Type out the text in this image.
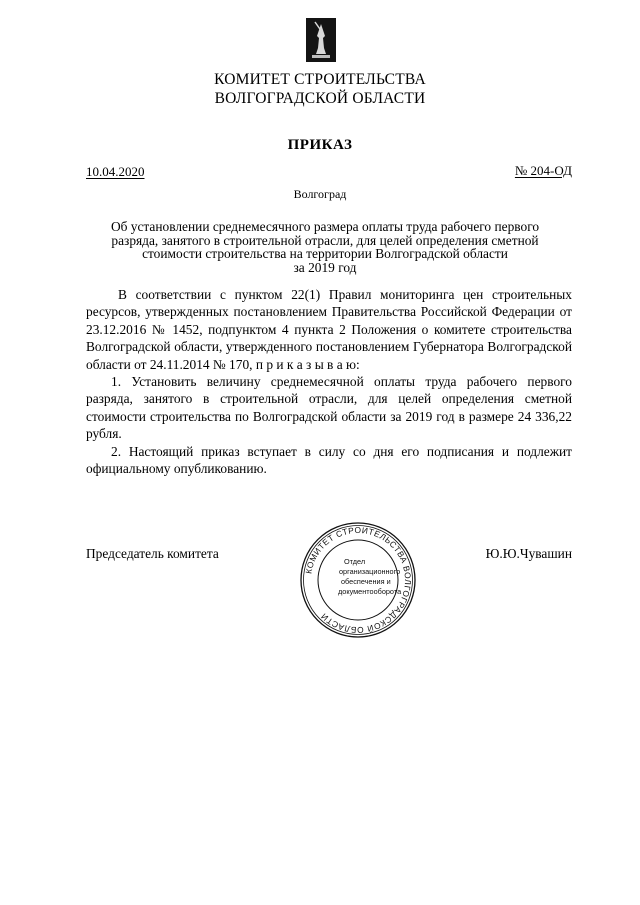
КОМИТЕТ СТРОИТЕЛЬСТВА
ВОЛГОГРАДСКОЙ ОБЛАСТИ
ПРИКАЗ
10.04.2020	№ 204-ОД
Волгоград
Об установлении среднемесячного размера оплаты труда рабочего первого
разряда, занятого в строительной отрасли, для целей определения сметной
стоимости строительства на территории Волгоградской области
за 2019 год

В соответствии с пунктом 22(1) Правил мониторинга цен строительных ресурсов, утвержденных постановлением Правительства Российской Федерации от 23.12.2016 № 1452, подпунктом 4 пункта 2 Положения о комитете строительства Волгоградской области, утвержденного постановлением Губернатора Волгоградской области от 24.11.2014 № 170, п р и к а з ы в а ю:

1. Установить величину среднемесячной оплаты труда рабочего первого разряда, занятого в строительной отрасли, для целей определения сметной стоимости строительства по Волгоградской области за 2019 год в размере 24 336,22 рубля.

2. Настоящий приказ вступает в силу со дня его подписания и подлежит официальному опубликованию.

Председатель комитета	Ю.Ю.Чувашин
КОМИТЕТ СТРОИТЕЛЬСТВА ВОЛГОГРАДСКОЙ ОБЛАСТИ
Отдел
организационного
обеспечения и
документооборота
